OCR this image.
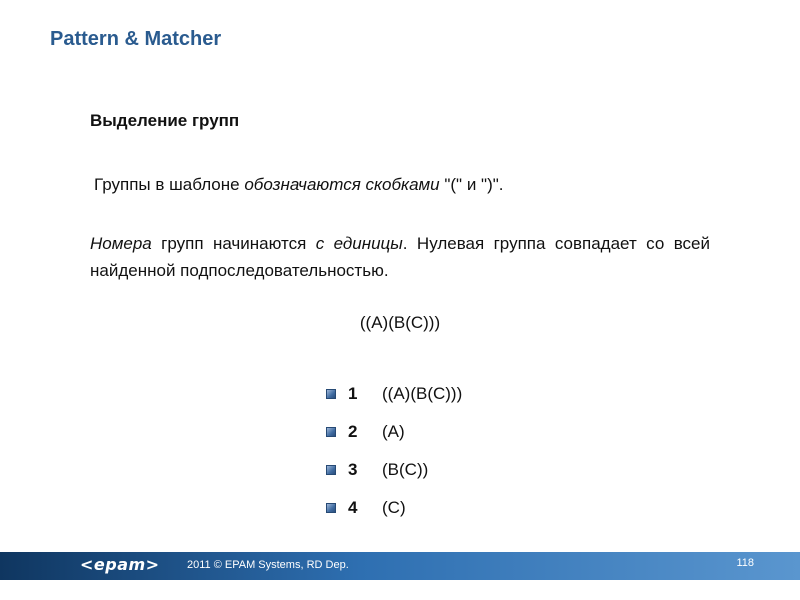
Pattern & Matcher
Выделение групп
Группы в шаблоне обозначаются скобками "(" и ")".
Номера групп начинаются с единицы. Нулевая группа совпадает со всей найденной подпоследовательностью.
((A)(B(C)))
1	((A)(B(C)))
2	(A)
3	(B(C))
4	(C)
<epam> 2011 © EPAM Systems, RD Dep.	118
